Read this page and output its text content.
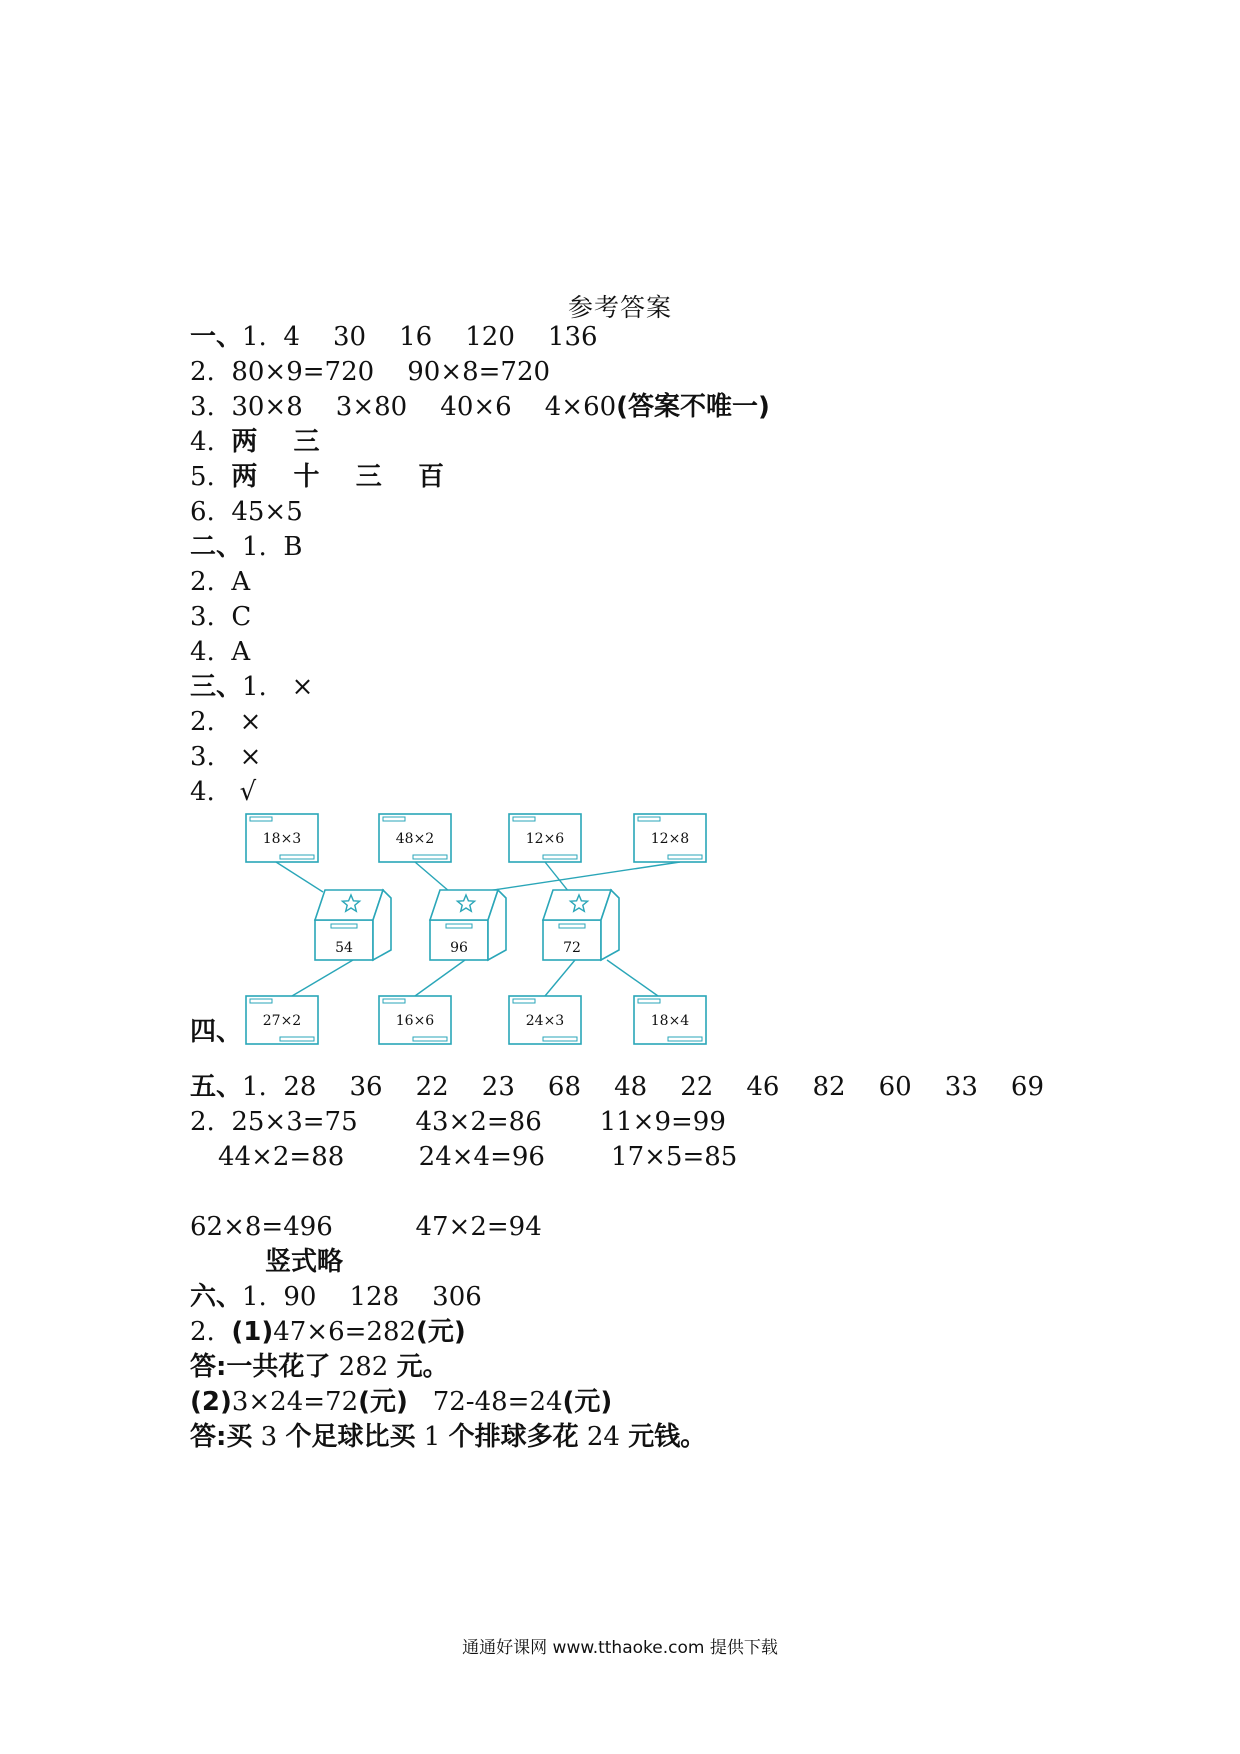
参考答案
一、1.  4    30    16    120    136
2.  80×9=720    90×8=720
3.  30×8    3×80    40×6    4×60(答案不唯一)
4.  两    三
5.  两    十    三    百
6.  45×5
二、1.  B
2.  A
3.  C
4.  A
三、1.   ×
2.   ×
3.   ×
4.   √
18×3	48×2	12×6	12×8
54	96	72
27×2	16×6	24×3	18×4
四、
五、1.  28    36    22    23    68    48    22    46    82    60    33    69
2.  25×3=75       43×2=86       11×9=99
44×2=88         24×4=96        17×5=85
62×8=496          47×2=94
竖式略
六、1.  90    128    306
2.  (1)47×6=282(元)
答:一共花了 282 元。
(2)3×24=72(元)   72-48=24(元)
答:买 3 个足球比买 1 个排球多花 24 元钱。
通通好课网 www.tthaoke.com 提供下载
